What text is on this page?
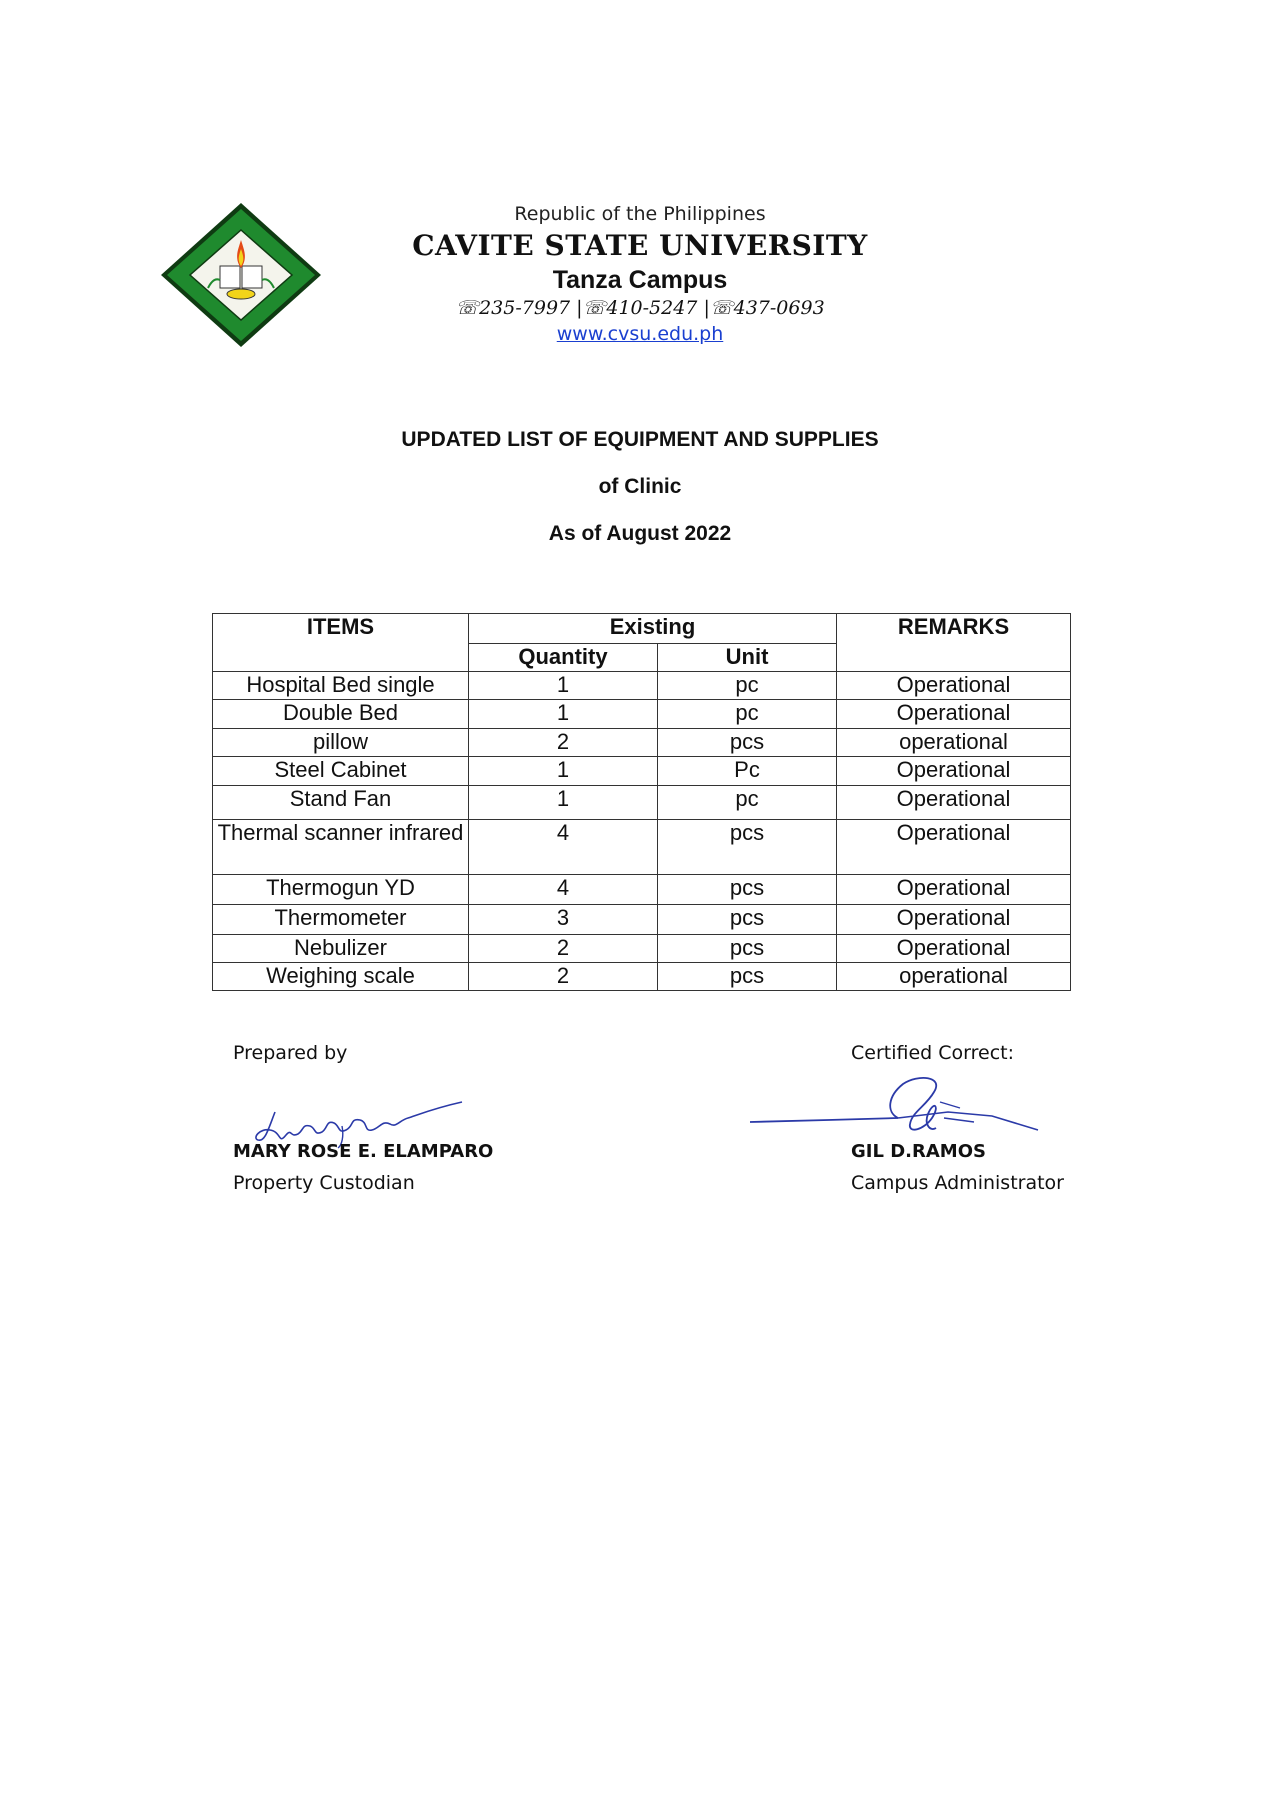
Republic of the Philippines
CAVITE STATE UNIVERSITY
Tanza Campus
☏235-7997 |☏410-5247 |☏437-0693
www.cvsu.edu.ph
UPDATED LIST OF EQUIPMENT AND SUPPLIES
of Clinic
As of August 2022
ITEMS	Existing		REMARKS
	Quantity	Unit	
Hospital Bed single	1	pc	Operational
Double Bed	1	pc	Operational
pillow	2	pcs	operational
Steel Cabinet	1	Pc	Operational
Stand Fan	1	pc	Operational
Thermal scanner infrared	4	pcs	Operational
Thermogun YD	4	pcs	Operational
Thermometer	3	pcs	Operational
Nebulizer	2	pcs	Operational
Weighing scale	2	pcs	operational
Prepared by	Certified Correct:
MARY ROSE E. ELAMPARO
Property Custodian
GIL D.RAMOS
Campus Administrator
